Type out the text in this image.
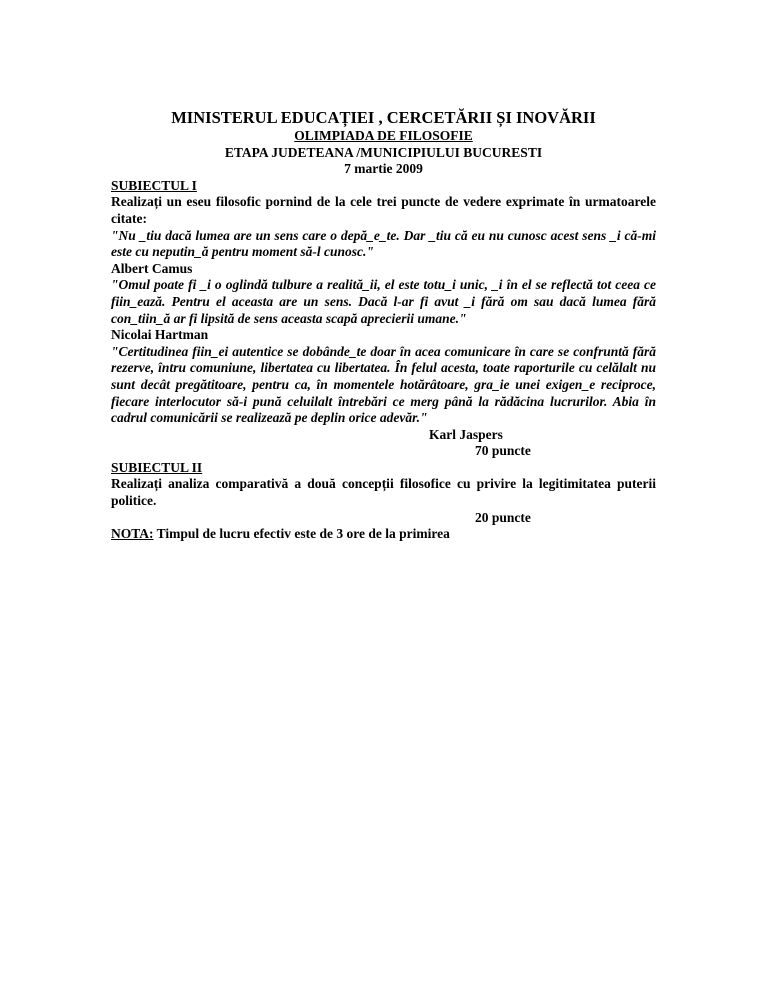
MINISTERUL EDUCAȚIEI , CERCETĂRII ȘI INOVĂRII

OLIMPIADA DE FILOSOFIE

ETAPA JUDETEANA /MUNICIPIULUI BUCURESTI

7 martie 2009

SUBIECTUL I

Realizați un eseu filosofic pornind de la cele trei puncte de vedere exprimate în urmatoarele citate:

"Nu _tiu dacă lumea are un sens care o depă_e_te. Dar _tiu că eu nu cunosc acest sens _i că-mi este cu neputin_ă pentru moment să-l cunosc."

Albert Camus

"Omul poate fi _i o oglindă tulbure a realită_ii, el este totu_i unic, _i în el se reflectă tot ceea ce fiin_ează. Pentru el aceasta are un sens. Dacă l-ar fi avut _i fără om sau dacă lumea fără con_tiin_ă ar fi lipsită de sens aceasta scapă aprecierii umane."

Nicolai Hartman

"Certitudinea fiin_ei autentice se dobânde_te doar în acea comunicare în care se confruntă fără rezerve, întru comuniune, libertatea cu libertatea. În felul acesta, toate raporturile cu celălalt nu sunt decât pregătitoare, pentru ca, în momentele hotărâtoare, gra_ie unei exigen_e reciproce, fiecare interlocutor să-i pună celuilalt întrebări ce merg până la rădăcina lucrurilor. Abia în cadrul comunicării se realizează pe deplin orice adevăr."

Karl Jaspers

70 puncte

SUBIECTUL II

Realizați analiza comparativă a două concepții filosofice cu privire la legitimitatea puterii politice.

20 puncte

NOTA: Timpul de lucru efectiv este de 3 ore de la primirea
